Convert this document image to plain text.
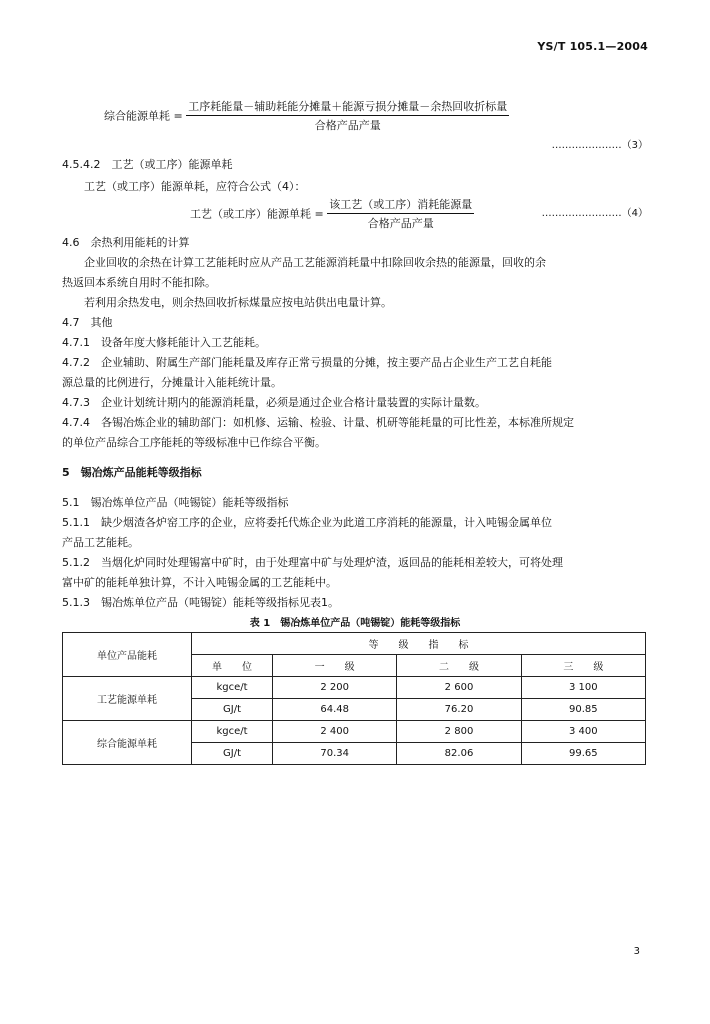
YS/T 105.1—2004
综合能源单耗 = $\frac{\text{工序耗能量－辅助耗能分摊量＋能源亏损分摊量－余热回收折标量}}{\text{合格产品产量}}$
…………………（3）
4.5.4.2　工艺（或工序）能源单耗
工艺（或工序）能源单耗，应符合公式（4）：
工艺（或工序）能源单耗 = $\frac{\text{该工艺（或工序）消耗能源量}}{\text{合格产品产量}}$	……………………（4）
4.6　余热利用能耗的计算
企业回收的余热在计算工艺能耗时应从产品工艺能源消耗量中扣除回收余热的能源量，回收的余
热返回本系统自用时不能扣除。
若利用余热发电，则余热回收折标煤量应按电站供出电量计算。
4.7　其他
4.7.1　设备年度大修耗能计入工艺能耗。
4.7.2　企业辅助、附属生产部门能耗量及库存正常亏损量的分摊，按主要产品占企业生产工艺自耗能
源总量的比例进行，分摊量计入能耗统计量。
4.7.3　企业计划统计期内的能源消耗量，必须是通过企业合格计量装置的实际计量数。
4.7.4　各锡冶炼企业的辅助部门：如机修、运输、检验、计量、机研等能耗量的可比性差，本标准所规定
的单位产品综合工序能耗的等级标准中已作综合平衡。
5　锡冶炼产品能耗等级指标
5.1　锡冶炼单位产品（吨锡锭）能耗等级指标
5.1.1　缺少烟渣各炉窑工序的企业，应将委托代炼企业为此道工序消耗的能源量，计入吨锡金属单位
产品工艺能耗。
5.1.2　当烟化炉同时处理锡富中矿时，由于处理富中矿与处理炉渣，返回品的能耗相差较大，可将处理
富中矿的能耗单独计算，不计入吨锡金属的工艺能耗中。
5.1.3　锡冶炼单位产品（吨锡锭）能耗等级指标见表1。
表 1　锡冶炼单位产品（吨锡锭）能耗等级指标
单位产品能耗	等　　级　　指　　标			
	单　　位	一　　级	二　　级	三　　级
工艺能源单耗	kgce/t	2 200	2 600	3 100
	GJ/t	64.48	76.20	90.85
综合能源单耗	kgce/t	2 400	2 800	3 400
	GJ/t	70.34	82.06	99.65
3
